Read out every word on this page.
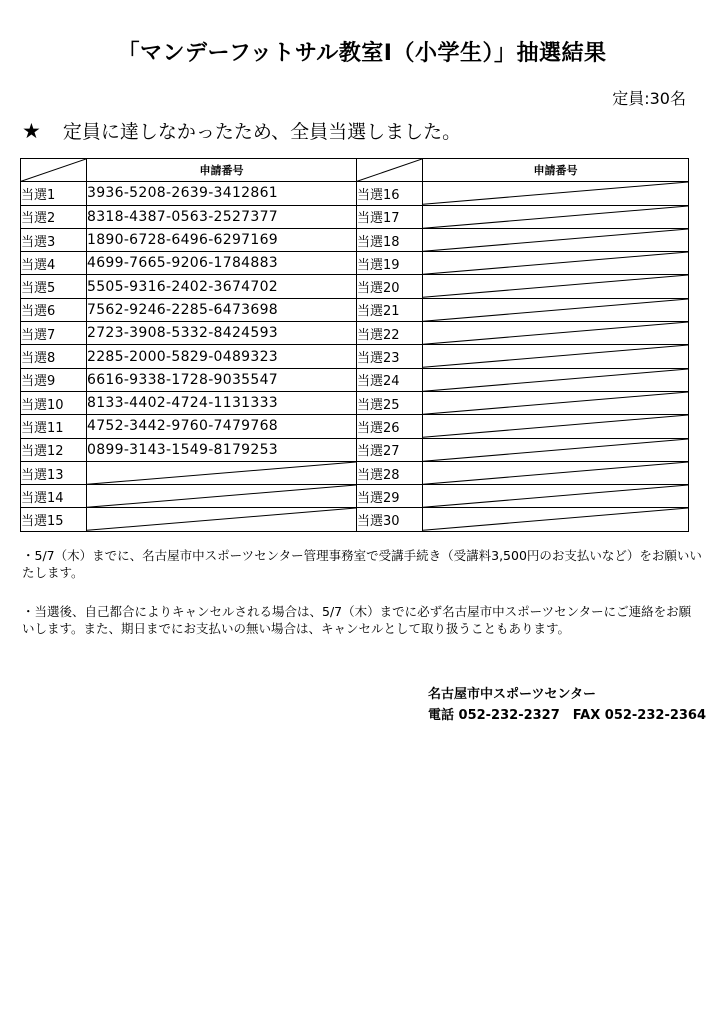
「マンデーフットサル教室Ⅰ（小学生）」抽選結果
定員:30名
★ 定員に達しなかったため、全員当選しました。
	申請番号			申請番号
当選1	3936-5208-2639-3412861		当選16	

当選2	8318-4387-0563-2527377		当選17	

当選3	1890-6728-6496-6297169		当選18	

当選4	4699-7665-9206-1784883		当選19	

当選5	5505-9316-2402-3674702		当選20	

当選6	7562-9246-2285-6473698		当選21	

当選7	2723-3908-5332-8424593		当選22	

当選8	2285-2000-5829-0489323		当選23	

当選9	6616-9338-1728-9035547		当選24	

当選10	8133-4402-4724-1131333		当選25	

当選11	4752-3442-9760-7479768		当選26	

当選12	0899-3143-1549-8179253		当選27	

当選13			当選28	

当選14			当選29	

当選15			当選30	
・5/7（木）までに、名古屋市中スポーツセンター管理事務室で受講手続き（受講料3,500円のお支払いなど）をお願いいたします。
・当選後、自己都合によりキャンセルされる場合は、5/7（木）までに必ず名古屋市中スポーツセンターにご連絡をお願いします。また、期日までにお支払いの無い場合は、キャンセルとして取り扱うこともあります。
名古屋市中スポーツセンター
電話 052-232-2327　FAX 052-232-2364
